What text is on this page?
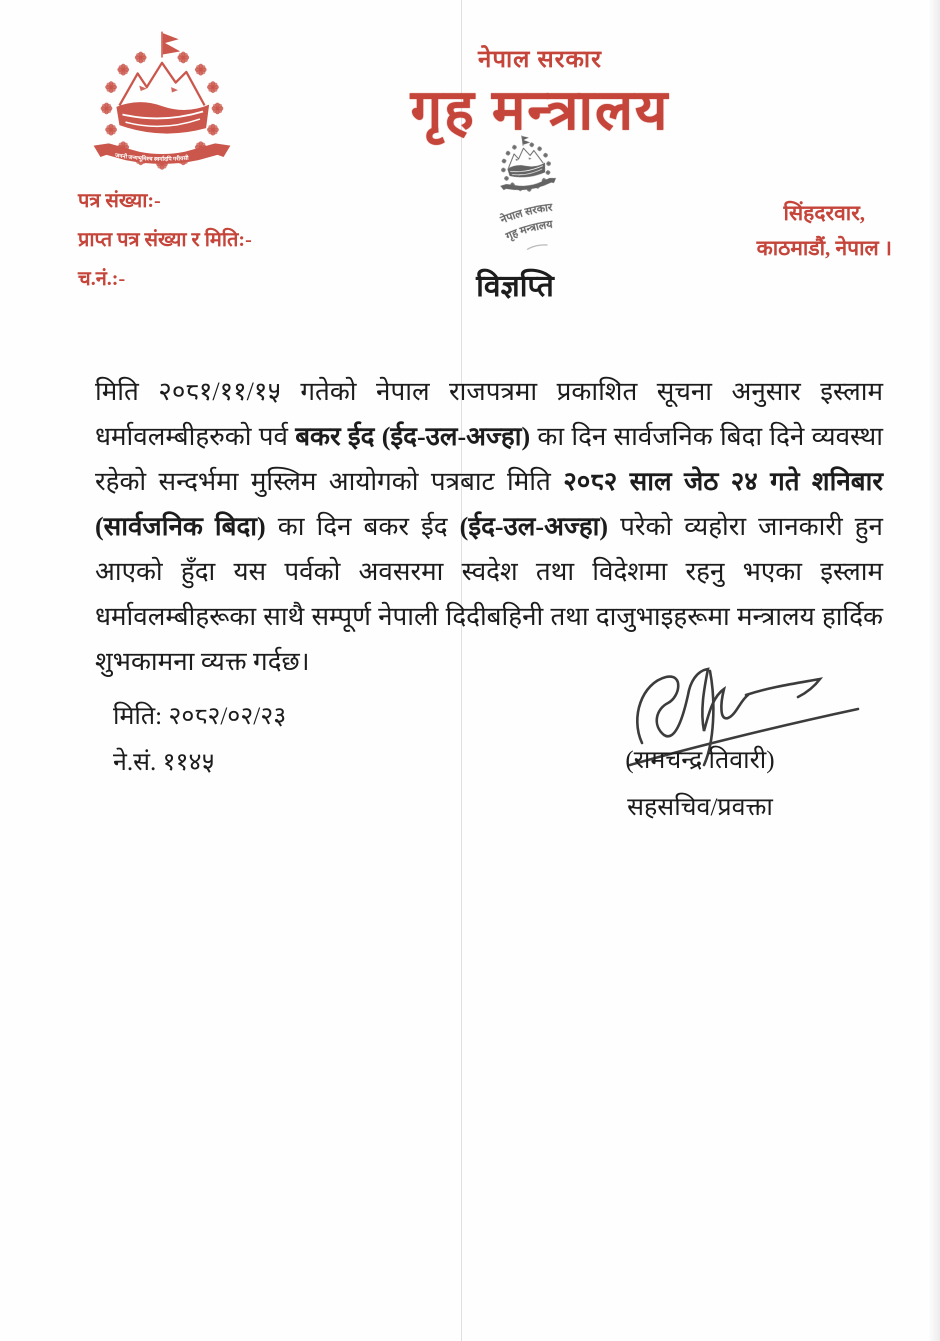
जननी जन्मभूमिश्च स्वर्गादपि गरीयसी
नेपाल सरकार
गृह मन्त्रालय
नेपाल सरकार
गृह मन्त्रालय
पत्र संख्या:-
प्राप्त पत्र संख्या र मिति:-
च.नं.:-
सिंहदरवार,
काठमाडौं, नेपाल ।
विज्ञप्ति

मिति २०८१/११/१५ गतेको नेपाल राजपत्रमा प्रकाशित सूचना अनुसार इस्लाम धर्मावलम्बीहरुको पर्व बकर ईद (ईद-उल-अज्हा) का दिन सार्वजनिक बिदा दिने व्यवस्था रहेको सन्दर्भमा मुस्लिम आयोगको पत्रबाट मिति २०८२ साल जेठ २४ गते शनिबार (सार्वजनिक बिदा) का दिन बकर ईद (ईद-उल-अज्हा) परेको व्यहोरा जानकारी हुन आएको हुँदा यस पर्वको अवसरमा स्वदेश तथा विदेशमा रहनु भएका इस्लाम धर्मावलम्बीहरूका साथै सम्पूर्ण नेपाली दिदीबहिनी तथा दाजुभाइहरूमा मन्त्रालय हार्दिक शुभकामना व्यक्त गर्दछ।

मिति: २०८२/०२/२३
ने.सं. ११४५	(रामचन्द्र तिवारी)
सहसचिव/प्रवक्ता
